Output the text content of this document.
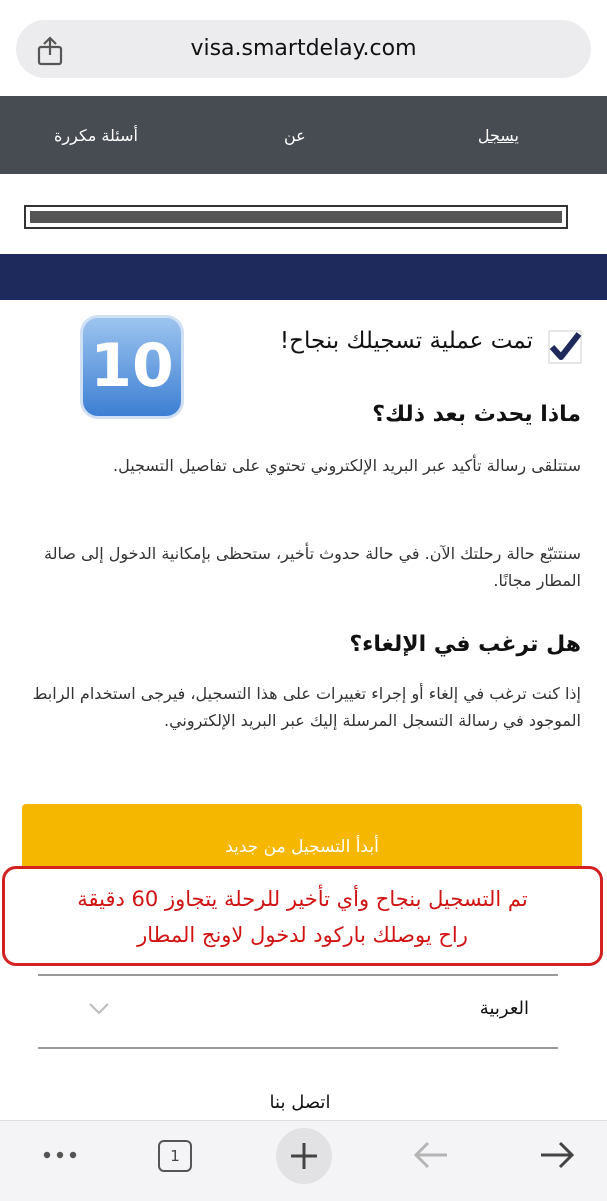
visa.smartdelay.com
أسئلة مكررة	عن	يسجل
10	تمت عملية تسجيلك بنجاح!
ماذا يحدث بعد ذلك؟
ستتلقى رسالة تأكيد عبر البريد الإلكتروني تحتوي على تفاصيل التسجيل.
سنتتبّع حالة رحلتك الآن. في حالة حدوث تأخير، ستحظى بإمكانية الدخول إلى صالة المطار مجانًا.
هل ترغب في الإلغاء؟
إذا كنت ترغب في إلغاء أو إجراء تغييرات على هذا التسجيل، فيرجى استخدام الرابط الموجود في رسالة التسجل المرسلة إليك عبر البريد الإلكتروني.
أبدأ التسجيل من جديد
تم التسجيل بنجاح وأي تأخير للرحلة يتجاوز 60 دقيقة
راح يوصلك باركود لدخول لاونج المطار
العربية
اتصل بنا
1
